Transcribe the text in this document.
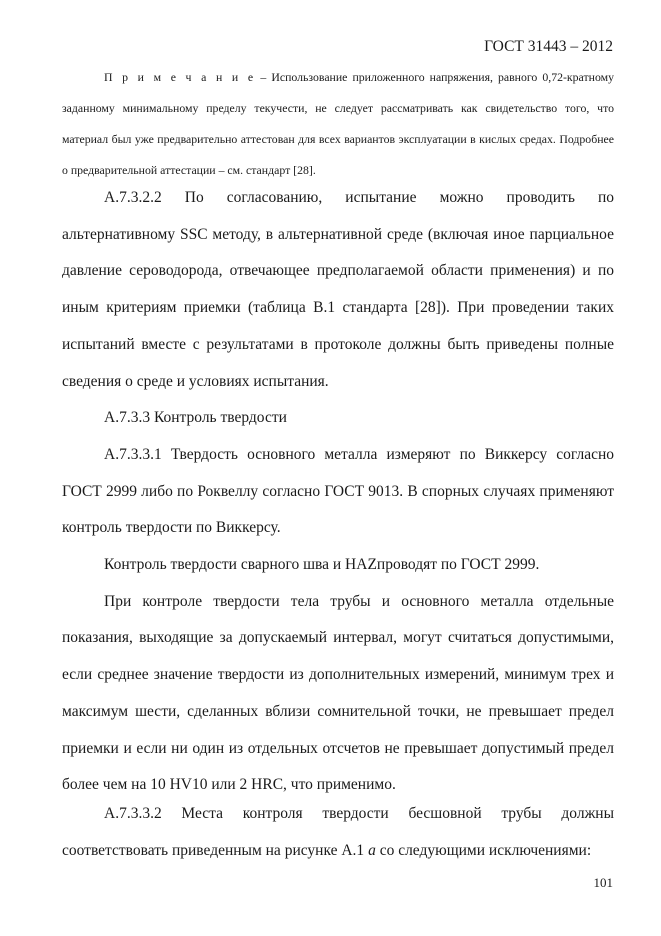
ГОСТ 31443 – 2012
П р и м е ч а н и е – Использование приложенного напряжения, равного 0,72-кратному заданному минимальному пределу текучести, не следует рассматривать как свидетельство того, что материал был уже предварительно аттестован для всех вариантов эксплуатации в кислых средах. Подробнее о предварительной аттестации – см. стандарт [28].

А.7.3.2.2 По согласованию, испытание можно проводить по альтернативному SSC методу, в альтернативной среде (включая иное парциальное давление сероводорода, отвечающее предполагаемой области применения) и по иным критериям приемки (таблица В.1 стандарта [28]). При проведении таких испытаний вместе с результатами в протоколе должны быть приведены полные сведения о среде и условиях испытания.

А.7.3.3 Контроль твердости

А.7.3.3.1 Твердость основного металла измеряют по Виккерсу согласно ГОСТ 2999 либо по Роквеллу согласно ГОСТ 9013. В спорных случаях применяют контроль твердости по Виккерсу.

Контроль твердости сварного шва и HAZпроводят по ГОСТ 2999.

При контроле твердости тела трубы и основного металла отдельные показания, выходящие за допускаемый интервал, могут считаться допустимыми, если среднее значение твердости из дополнительных измерений, минимум трех и максимум шести, сделанных вблизи сомнительной точки, не превышает предел приемки и если ни один из отдельных отсчетов не превышает допустимый предел более чем на 10 HV10 или 2 HRC, что применимо.

А.7.3.3.2 Места контроля твердости бесшовной трубы должны соответствовать приведенным на рисунке А.1 а со следующими исключениями:

101
